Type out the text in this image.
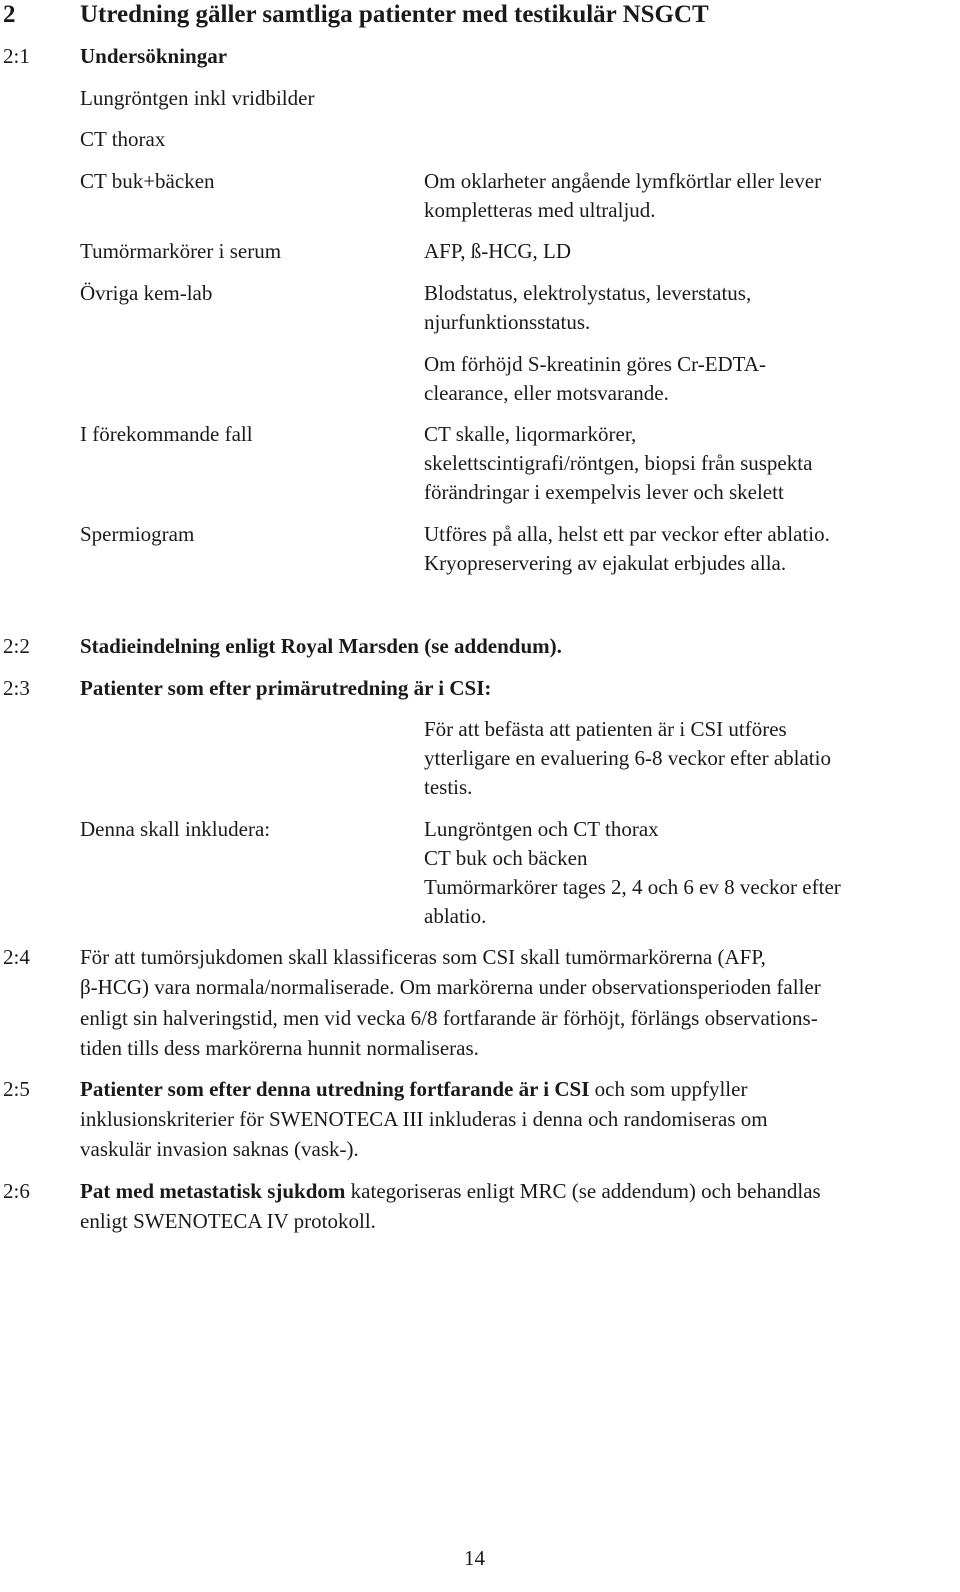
2	Utredning gäller samtliga patienter med testikulär NSGCT
2:1 Undersökningar
Lungröntgen inkl vridbilder
CT thorax
CT buk+bäcken	Om oklarheter angående lymfkörtlar eller lever
kompletteras med ultraljud.
Tumörmarkörer i serum	AFP, ß-HCG, LD
Övriga kem-lab	Blodstatus, elektrolystatus, leverstatus,
njurfunktionsstatus.
Om förhöjd S-kreatinin göres Cr-EDTA-
clearance, eller motsvarande.
I förekommande fall	CT skalle, liqormarkörer,
skelettscintigrafi/röntgen, biopsi från suspekta
förändringar i exempelvis lever och skelett
Spermiogram	Utföres på alla, helst ett par veckor efter ablatio.
Kryopreservering av ejakulat erbjudes alla.
2:2 Stadieindelning enligt Royal Marsden (se addendum).
2:3 Patienter som efter primärutredning är i CSI:
För att befästa att patienten är i CSI utföres
ytterligare en evaluering 6-8 veckor efter ablatio
testis.
Denna skall inkludera:	Lungröntgen och CT thorax
CT buk och bäcken
Tumörmarkörer tages 2, 4 och 6 ev 8 veckor efter
ablatio.
2:4 För att tumörsjukdomen skall klassificeras som CSI skall tumörmarkörerna (AFP,
β-HCG) vara normala/normaliserade. Om markörerna under observationsperioden faller
enligt sin halveringstid, men vid vecka 6/8 fortfarande är förhöjt, förlängs observations-
tiden tills dess markörerna hunnit normaliseras.
2:5 Patienter som efter denna utredning fortfarande är i CSI och som uppfyller
inklusionskriterier för SWENOTECA III inkluderas i denna och randomiseras om
vaskulär invasion saknas (vask-).
2:6 Pat med metastatisk sjukdom kategoriseras enligt MRC (se addendum) och behandlas
enligt SWENOTECA IV protokoll.
14
